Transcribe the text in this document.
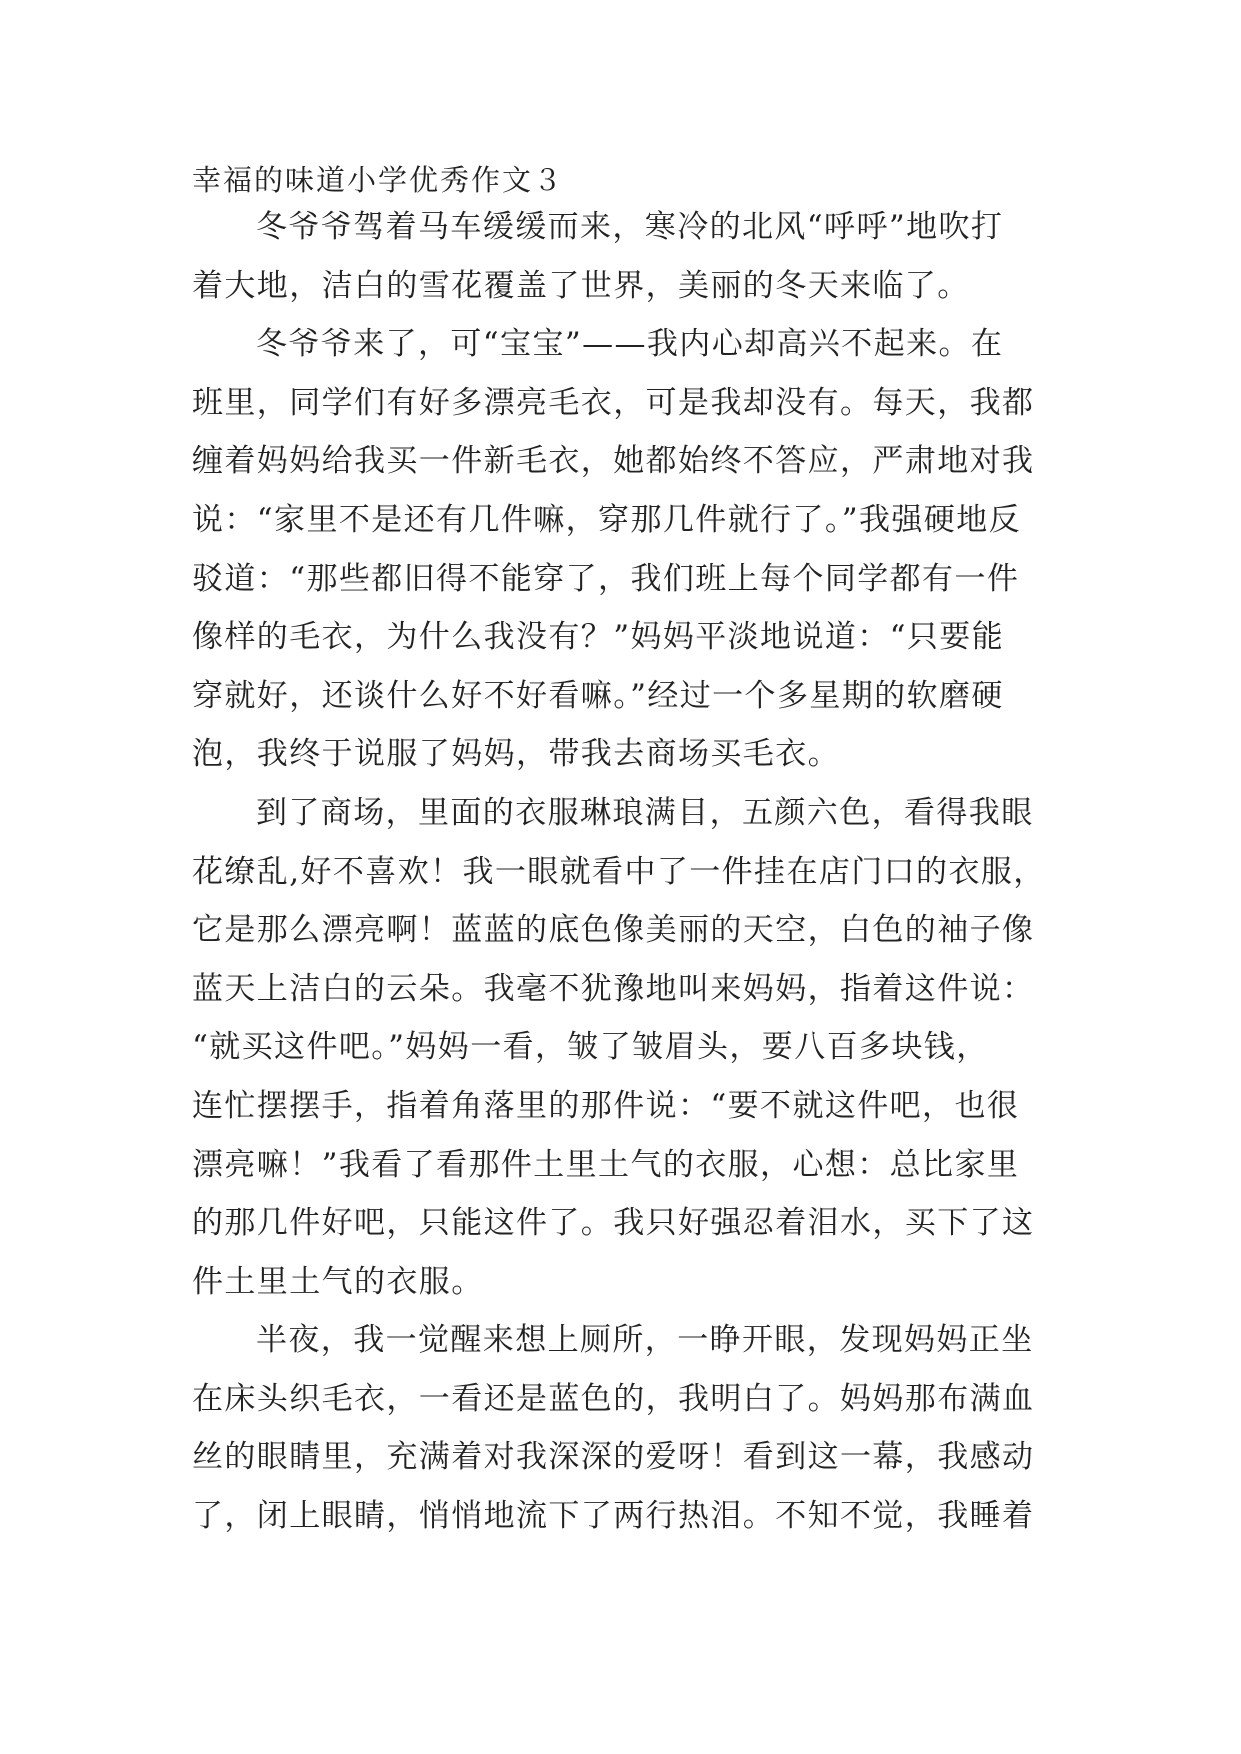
幸福的味道小学优秀作文３
冬爷爷驾着马车缓缓而来，寒冷的北风“呼呼”地吹打
着大地，洁白的雪花覆盖了世界，美丽的冬天来临了。
冬爷爷来了，可“宝宝”——我内心却高兴不起来。在
班里，同学们有好多漂亮毛衣，可是我却没有。每天，我都
缠着妈妈给我买一件新毛衣，她都始终不答应，严肃地对我
说：“家里不是还有几件嘛，穿那几件就行了。”我强硬地反
驳道：“那些都旧得不能穿了，我们班上每个同学都有一件
像样的毛衣，为什么我没有？”妈妈平淡地说道：“只要能
穿就好，还谈什么好不好看嘛。”经过一个多星期的软磨硬
泡，我终于说服了妈妈，带我去商场买毛衣。
到了商场，里面的衣服琳琅满目，五颜六色，看得我眼
花缭乱,好不喜欢！我一眼就看中了一件挂在店门口的衣服，
它是那么漂亮啊！蓝蓝的底色像美丽的天空，白色的袖子像
蓝天上洁白的云朵。我毫不犹豫地叫来妈妈，指着这件说：
“就买这件吧。”妈妈一看，皱了皱眉头，要八百多块钱，
连忙摆摆手，指着角落里的那件说：“要不就这件吧，也很
漂亮嘛！”我看了看那件土里土气的衣服，心想：总比家里
的那几件好吧，只能这件了。我只好强忍着泪水，买下了这
件土里土气的衣服。
半夜，我一觉醒来想上厕所，一睁开眼，发现妈妈正坐
在床头织毛衣，一看还是蓝色的，我明白了。妈妈那布满血
丝的眼睛里，充满着对我深深的爱呀！看到这一幕，我感动
了，闭上眼睛，悄悄地流下了两行热泪。不知不觉，我睡着
